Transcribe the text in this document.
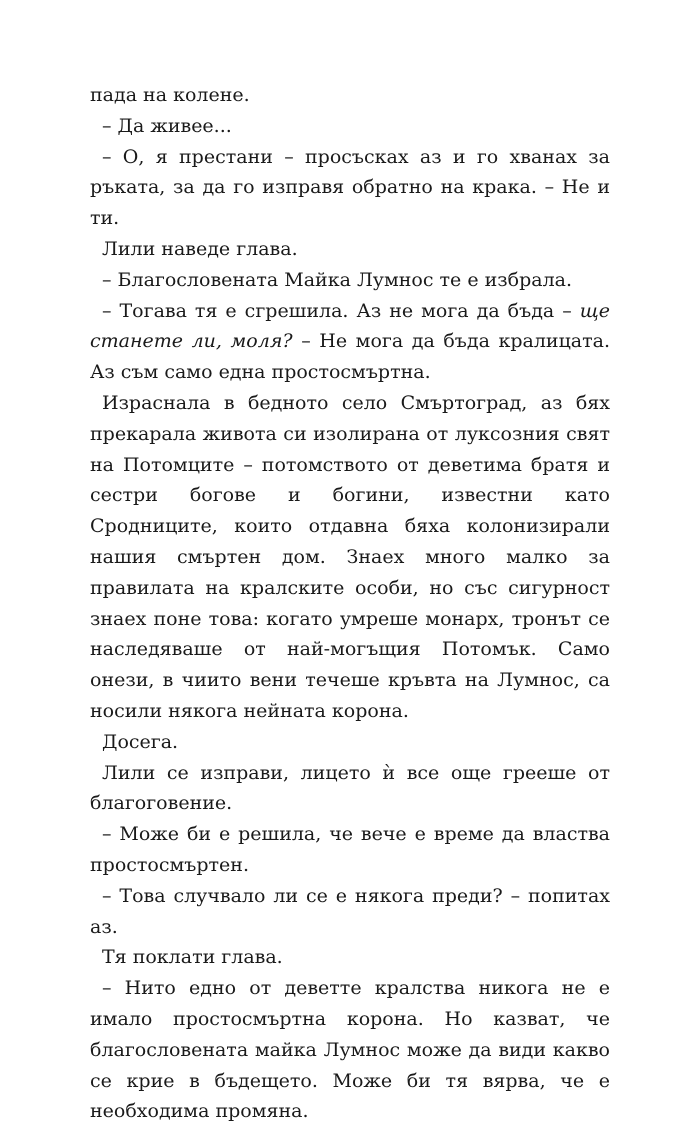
пада на колене.

– Да живее...

– О, я престани – просъсках аз и го хванах за ръката, за да го изправя обратно на крака. – Не и ти.

Лили наведе глава.

– Благословената Майка Лумнос те е избрала.

– Тогава тя е сгрешила. Аз не мога да бъда – ще станете ли, моля? – Не мога да бъда кралицата. Аз съм само една простосмъртна.

Израснала в бедното село Смъртоград, аз бях прекарала живота си изолирана от луксозния свят на Потомците – потомството от деветима братя и сестри богове и богини, известни като Сродниците, които отдавна бяха колонизирали нашия смъртен дом. Знаех много малко за правилата на кралските особи, но със сигурност знаех поне това: когато умреше монарх, тронът се наследяваше от най-могъщия Потомък. Само онези, в чиито вени течеше кръвта на Лумнос, са носили някога нейната корона.

Досега.

Лили се изправи, лицето ѝ все още грееше от благоговение.

– Може би е решила, че вече е време да властва простосмъртен.

– Това случвало ли се е някога преди? – попитах аз.

Тя поклати глава.

– Нито едно от деветте кралства никога не е имало простосмъртна корона. Но казват, че благословената майка Лумнос може да види какво се крие в бъдещето. Може би тя вярва, че е необходима промяна.
